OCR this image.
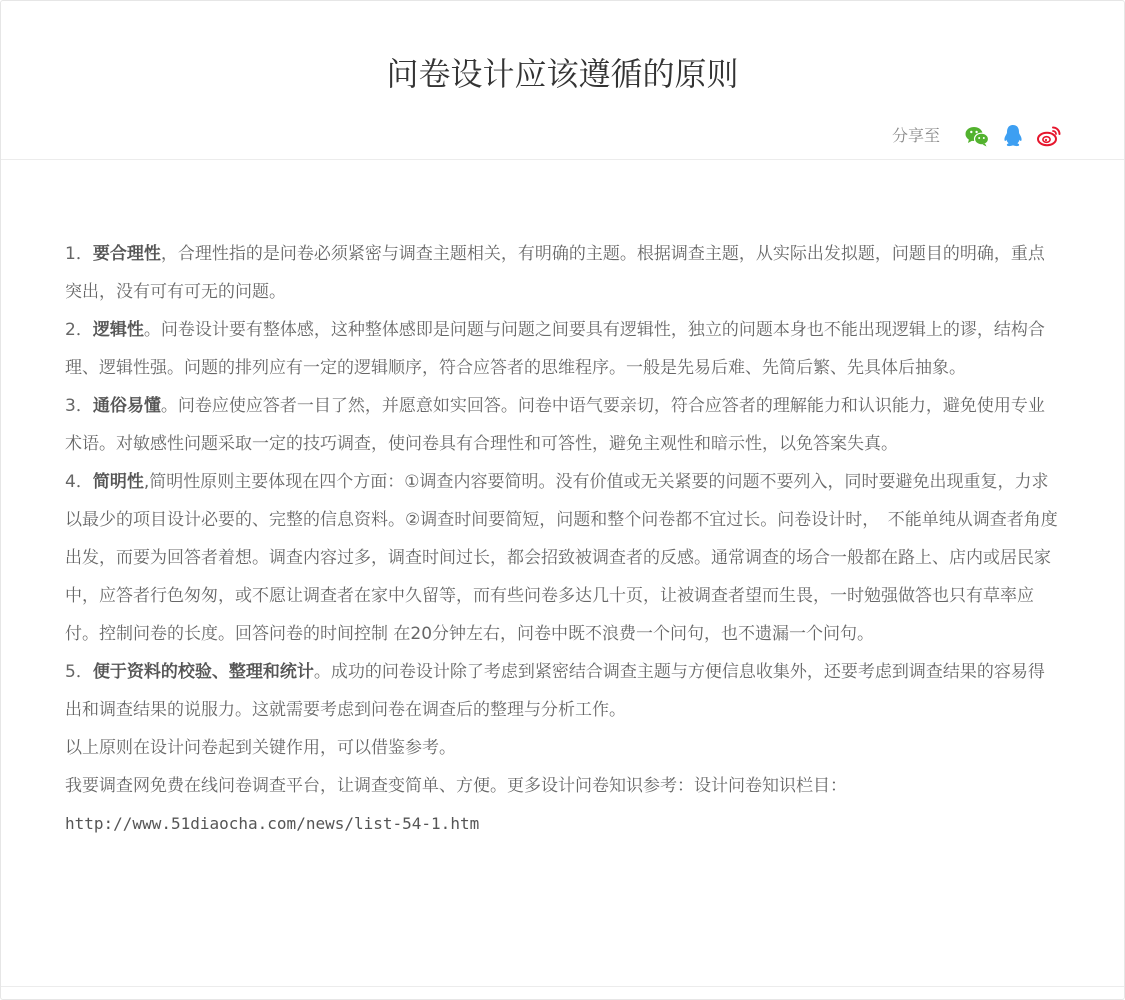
问卷设计应该遵循的原则
分享至

1．要合理性，合理性指的是问卷必须紧密与调查主题相关，有明确的主题。根据调查主题，从实际出发拟题，问题目的明确，重点突出，没有可有可无的问题。

2．逻辑性。问卷设计要有整体感，这种整体感即是问题与问题之间要具有逻辑性，独立的问题本身也不能出现逻辑上的谬，结构合理、逻辑性强。问题的排列应有一定的逻辑顺序，符合应答者的思维程序。一般是先易后难、先简后繁、先具体后抽象。

3．通俗易懂。问卷应使应答者一目了然，并愿意如实回答。问卷中语气要亲切，符合应答者的理解能力和认识能力，避免使用专业术语。对敏感性问题采取一定的技巧调查，使问卷具有合理性和可答性，避免主观性和暗示性，以免答案失真。

4．简明性,简明性原则主要体现在四个方面：①调查内容要简明。没有价值或无关紧要的问题不要列入，同时要避免出现重复，力求以最少的项目设计必要的、完整的信息资料。②调查时间要简短，问题和整个问卷都不宜过长。问卷设计时，　不能单纯从调查者角度出发，而要为回答者着想。调查内容过多，调查时间过长，都会招致被调查者的反感。通常调查的场合一般都在路上、店内或居民家中，应答者行色匆匆，或不愿让调查者在家中久留等，而有些问卷多达几十页，让被调查者望而生畏，一时勉强做答也只有草率应付。控制问卷的长度。回答问卷的时间控制 在20分钟左右，问卷中既不浪费一个问句，也不遗漏一个问句。

5．便于资料的校验、整理和统计。成功的问卷设计除了考虑到紧密结合调查主题与方便信息收集外，还要考虑到调查结果的容易得出和调查结果的说服力。这就需要考虑到问卷在调查后的整理与分析工作。

以上原则在设计问卷起到关键作用，可以借鉴参考。

我要调查网免费在线问卷调查平台，让调查变简单、方便。更多设计问卷知识参考：设计问卷知识栏目：

http://www.51diaocha.com/news/list-54-1.htm
